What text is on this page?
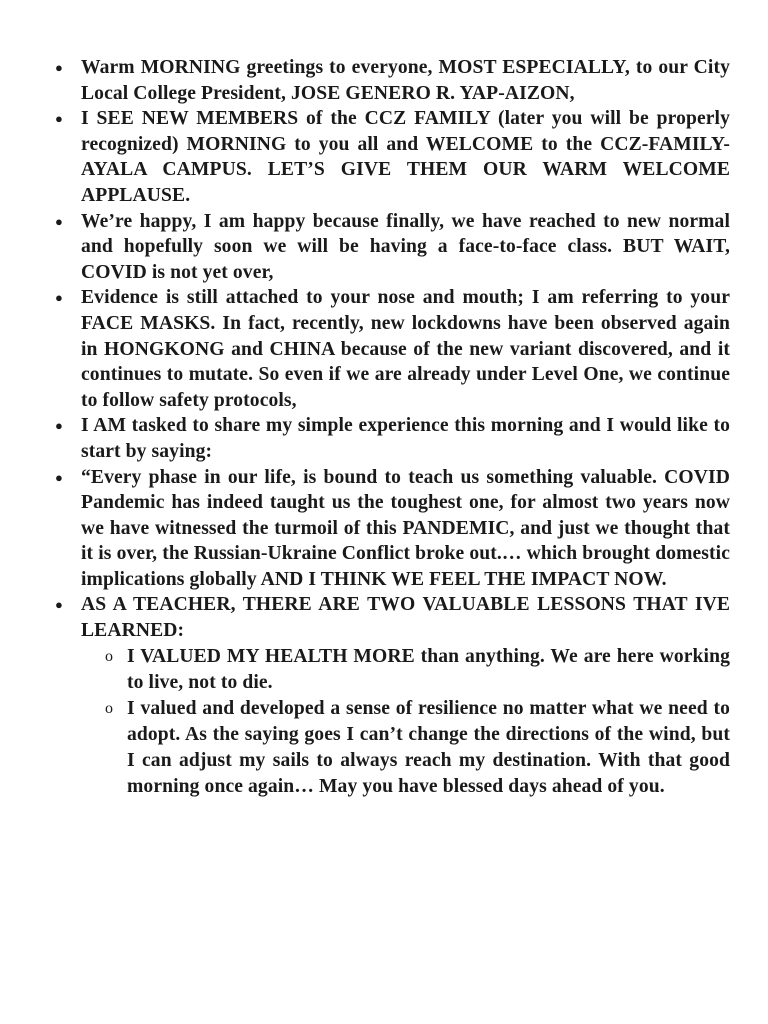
● Warm MORNING greetings to everyone, MOST ESPECIALLY, to our City Local College President, JOSE GENERO R. YAP-AIZON,
● I SEE NEW MEMBERS of the CCZ FAMILY (later you will be properly recognized) MORNING to you all and WELCOME to the CCZ-FAMILY-AYALA CAMPUS. LET’S GIVE THEM OUR WARM WELCOME APPLAUSE.
● We’re happy, I am happy because finally, we have reached to new normal and hopefully soon we will be having a face-to-face class. BUT WAIT, COVID is not yet over,
● Evidence is still attached to your nose and mouth; I am referring to your FACE MASKS. In fact, recently, new lockdowns have been observed again in HONGKONG and CHINA because of the new variant discovered, and it continues to mutate. So even if we are already under Level One, we continue to follow safety protocols,
● I AM tasked to share my simple experience this morning and I would like to start by saying:
● “Every phase in our life, is bound to teach us something valuable. COVID Pandemic has indeed taught us the toughest one, for almost two years now we have witnessed the turmoil of this PANDEMIC, and just we thought that it is over, the Russian-Ukraine Conflict broke out.… which brought domestic implications globally AND I THINK WE FEEL THE IMPACT NOW.
● AS A TEACHER, THERE ARE TWO VALUABLE LESSONS THAT IVE LEARNED:
o I VALUED MY HEALTH MORE than anything. We are here working to live, not to die.
o I valued and developed a sense of resilience no matter what we need to adopt. As the saying goes I can’t change the directions of the wind, but I can adjust my sails to always reach my destination. With that good morning once again… May you have blessed days ahead of you.
